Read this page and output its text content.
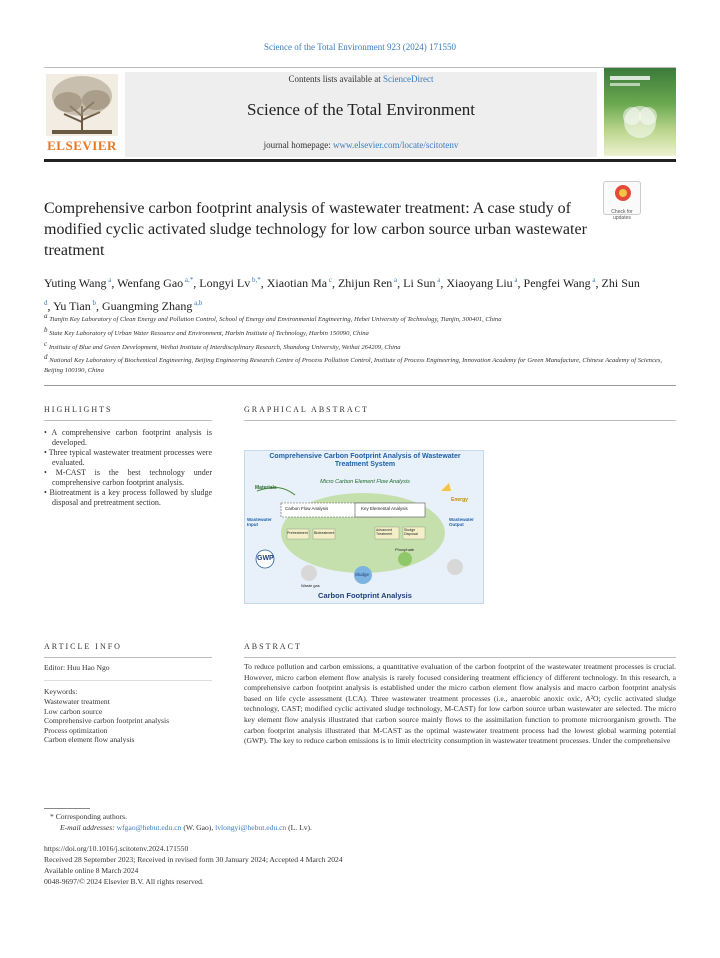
Science of the Total Environment 923 (2024) 171550
ELSEVIER
Contents lists available at ScienceDirect
Science of the Total Environment
journal homepage: www.elsevier.com/locate/scitotenv
Comprehensive carbon footprint analysis of wastewater treatment: A case study of modified cyclic activated sludge technology for low carbon source urban wastewater treatment
Check for updates
Yuting Wang $^a$, Wenfang Gao $^{a,*}$, Longyi Lv $^{b,*}$, Xiaotian Ma $^c$, Zhijun Ren $^a$, Li Sun $^a$, Xiaoyang Liu $^a$, Pengfei Wang $^a$, Zhi Sun $^d$, Yu Tian $^b$, Guangming Zhang $^{a,b}$
$^a$ Tianjin Key Laboratory of Clean Energy and Pollution Control, School of Energy and Environmental Engineering, Hebei University of Technology, Tianjin, 300401, China
$^b$ State Key Laboratory of Urban Water Resource and Environment, Harbin Institute of Technology, Harbin 150090, China
$^c$ Institute of Blue and Green Development, Weihai Institute of Interdisciplinary Research, Shandong University, Weihai 264209, China
$^d$ National Key Laboratory of Biochemical Engineering, Beijing Engineering Research Centre of Process Pollution Control, Institute of Process Engineering, Innovation Academy for Green Manufacture, Chinese Academy of Sciences, Beijing 100190, China
HIGHLIGHTS
• A comprehensive carbon footprint analysis is developed.
• Three typical wastewater treatment processes were evaluated.
• M-CAST is the best technology under comprehensive carbon footprint analysis.
• Biotreatment is a key process followed by sludge disposal and pretreatment section.
GRAPHICAL ABSTRACT
Comprehensive Carbon Footprint Analysis of Wastewater Treatment System
Micro Carbon Element Flow Analysis
Materials
Energy
Carbon Flow Analysis	Key Elemental Analysis
Wastewater Input
Wastewater Output
Pretreatment Biotreatment
Advanced Treatment
Sludge Disposal
Phosphate
GWP
Waste gas
Sludge
Carbon Footprint Analysis
ARTICLE INFO
Editor: Huu Hao Ngo
Keywords:
Wastewater treatment
Low carbon source
Comprehensive carbon footprint analysis
Process optimization
Carbon element flow analysis
ABSTRACT
To reduce pollution and carbon emissions, a quantitative evaluation of the carbon footprint of the wastewater treatment processes is crucial. However, micro carbon element flow analysis is rarely focused considering treatment efficiency of different technology. In this research, a comprehensive carbon footprint analysis is established under the micro carbon element flow analysis and macro carbon footprint analysis based on life cycle assessment (LCA). Three wastewater treatment processes (i.e., anaerobic anoxic oxic, A²O; cyclic activated sludge technology, CAST; modified cyclic activated sludge technology, M-CAST) for low carbon source urban wastewater are selected. The micro key element flow analysis illustrated that carbon source mainly flows to the assimilation function to promote microorganism growth. The carbon footprint analysis illustrated that M-CAST as the optimal wastewater treatment process had the lowest global warming potential (GWP). The key to reduce carbon emissions is to limit electricity consumption in wastewater treatment processes. Under the comprehensive
* Corresponding authors.
E-mail addresses: wfgao@hebut.edu.cn (W. Gao), lvlongyi@hebut.edu.cn (L. Lv).
https://doi.org/10.1016/j.scitotenv.2024.171550
Received 28 September 2023; Received in revised form 30 January 2024; Accepted 4 March 2024
Available online 8 March 2024
0048-9697/© 2024 Elsevier B.V. All rights reserved.
